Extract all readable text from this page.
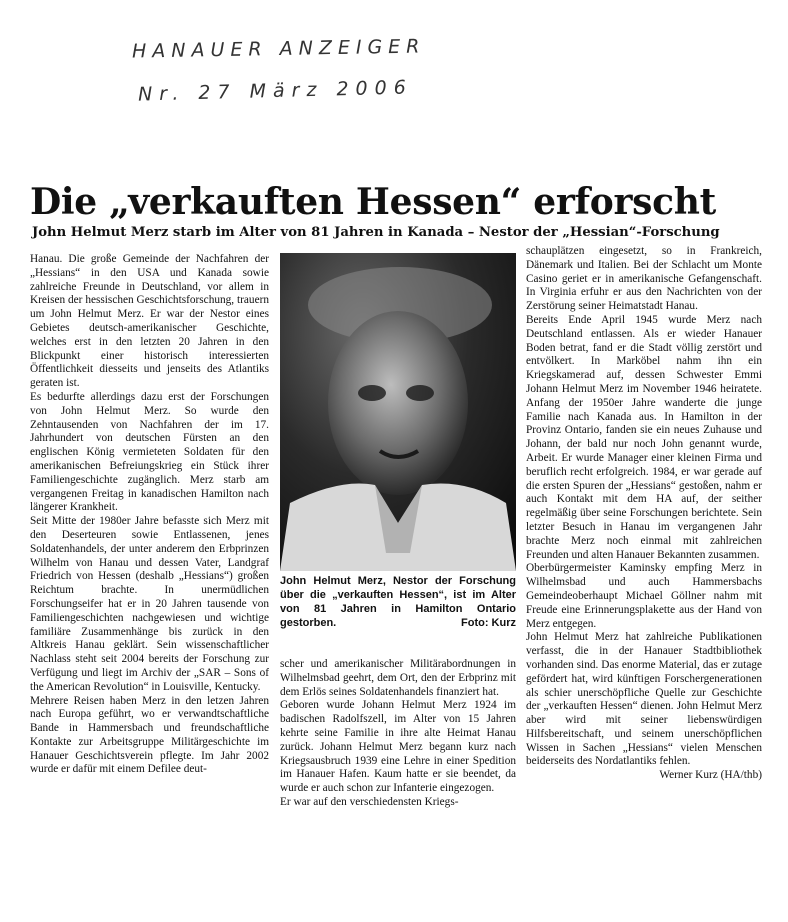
HANAUER ANZEIGER
Nr. 27 März 2006
Die „verkauften Hessen“ erforscht
John Helmut Merz starb im Alter von 81 Jahren in Kanada – Nestor der „Hessian“-Forschung

Hanau. Die große Gemeinde der Nachfahren der „Hessians“ in den USA und Kanada sowie zahlreiche Freunde in Deutschland, vor allem in Kreisen der hessischen Geschichtsforschung, trauern um John Helmut Merz. Er war der Nestor eines Gebietes deutsch-amerikanischer Geschichte, welches erst in den letzten 20 Jahren in den Blickpunkt einer historisch interessierten Öffentlichkeit diesseits und jenseits des Atlantiks geraten ist.

Es bedurfte allerdings dazu erst der Forschungen von John Helmut Merz. So wurde den Zehntausenden von Nachfahren der im 17. Jahrhundert von deutschen Fürsten an den englischen König vermieteten Soldaten für den amerikanischen Befreiungskrieg ein Stück ihrer Familiengeschichte zugänglich. Merz starb am vergangenen Freitag in kanadischen Hamilton nach längerer Krankheit.

Seit Mitte der 1980er Jahre befasste sich Merz mit den Deserteuren sowie Entlassenen, jenes Soldatenhandels, der unter anderem den Erbprinzen Wilhelm von Hanau und dessen Vater, Landgraf Friedrich von Hessen (deshalb „Hessians“) großen Reichtum brachte. In unermüdlichen Forschungseifer hat er in 20 Jahren tausende von Familiengeschichten nachgewiesen und wichtige familiäre Zusammenhänge bis zurück in den Altkreis Hanau geklärt. Sein wissenschaftlicher Nachlass steht seit 2004 bereits der Forschung zur Verfügung und liegt im Archiv der „SAR – Sons of the American Revolution“ in Louisville, Kentucky.

Mehrere Reisen haben Merz in den letzen Jahren nach Europa geführt, wo er verwandtschaftliche Bande in Hammersbach und freundschaftliche Kontakte zur Arbeitsgruppe Militärgeschichte im Hanauer Geschichtsverein pflegte. Im Jahr 2002 wurde er dafür mit einem Defilee deut-

John Helmut Merz, Nestor der Forschung über die „verkauften Hessen“, ist im Alter von 81 Jahren in Hamilton Ontario gestorben.	Foto: Kurz

scher und amerikanischer Militärabordnungen in Wilhelmsbad geehrt, dem Ort, den der Erbprinz mit dem Erlös seines Soldatenhandels finanziert hat.

Geboren wurde Johann Helmut Merz 1924 im badischen Radolfszell, im Alter von 15 Jahren kehrte seine Familie in ihre alte Heimat Hanau zurück. Johann Helmut Merz begann kurz nach Kriegsausbruch 1939 eine Lehre in einer Spedition im Hanauer Hafen. Kaum hatte er sie beendet, da wurde er auch schon zur Infanterie eingezogen.

Er war auf den verschiedensten Kriegs-

schauplätzen eingesetzt, so in Frankreich, Dänemark und Italien. Bei der Schlacht um Monte Casino geriet er in amerikanische Gefangenschaft. In Virginia erfuhr er aus den Nachrichten von der Zerstörung seiner Heimatstadt Hanau.

Bereits Ende April 1945 wurde Merz nach Deutschland entlassen. Als er wieder Hanauer Boden betrat, fand er die Stadt völlig zerstört und entvölkert. In Marköbel nahm ihn ein Kriegskamerad auf, dessen Schwester Emmi Johann Helmut Merz im November 1946 heiratete. Anfang der 1950er Jahre wanderte die junge Familie nach Kanada aus. In Hamilton in der Provinz Ontario, fanden sie ein neues Zuhause und Johann, der bald nur noch John genannt wurde, Arbeit. Er wurde Manager einer kleinen Firma und beruflich recht erfolgreich. 1984, er war gerade auf die ersten Spuren der „Hessians“ gestoßen, nahm er auch Kontakt mit dem HA auf, der seither regelmäßig über seine Forschungen berichtete. Sein letzter Besuch in Hanau im vergangenen Jahr brachte Merz noch einmal mit zahlreichen Freunden und alten Hanauer Bekannten zusammen.

Oberbürgermeister Kaminsky empfing Merz in Wilhelmsbad und auch Hammersbachs Gemeindeoberhaupt Michael Göllner nahm mit Freude eine Erinnerungsplakette aus der Hand von Merz entgegen.

John Helmut Merz hat zahlreiche Publikationen verfasst, die in der Hanauer Stadtbibliothek vorhanden sind. Das enorme Material, das er zutage gefördert hat, wird künftigen Forschergenerationen als schier unerschöpfliche Quelle zur Geschichte der „verkauften Hessen“ dienen. John Helmut Merz aber wird mit seiner liebenswürdigen Hilfsbereitschaft, und seinem unerschöpflichen Wissen in Sachen „Hessians“ vielen Menschen beiderseits des Nordatlantiks fehlen.
Werner Kurz (HA/thb)
